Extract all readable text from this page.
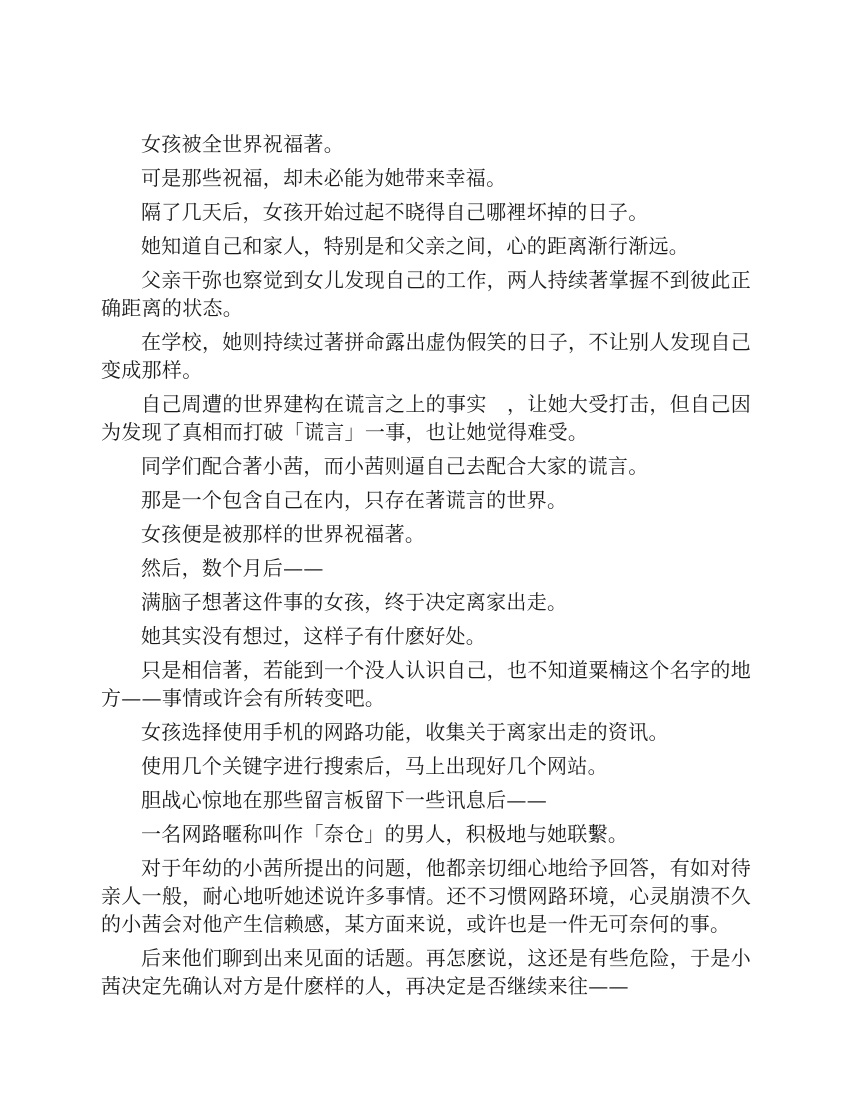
女孩被全世界祝福著。

可是那些祝福，却未必能为她带来幸福。

隔了几天后，女孩开始过起不晓得自己哪裡坏掉的日子。

她知道自己和家人，特别是和父亲之间，心的距离渐行渐远。

父亲干弥也察觉到女儿发现自己的工作，两人持续著掌握不到彼此正确距离的状态。

在学校，她则持续过著拼命露出虚伪假笑的日子，不让别人发现自己变成那样。

自己周遭的世界建构在谎言之上的事实　，让她大受打击，但自己因为发现了真相而打破「谎言」一事，也让她觉得难受。

同学们配合著小茜，而小茜则逼自己去配合大家的谎言。

那是一个包含自己在内，只存在著谎言的世界。

女孩便是被那样的世界祝福著。

然后，数个月后——

满脑子想著这件事的女孩，终于决定离家出走。

她其实没有想过，这样子有什麽好处。

只是相信著，若能到一个没人认识自己，也不知道粟楠这个名字的地方——事情或许会有所转变吧。

女孩选择使用手机的网路功能，收集关于离家出走的资讯。

使用几个关键字进行搜索后，马上出现好几个网站。

胆战心惊地在那些留言板留下一些讯息后——

一名网路暱称叫作「奈仓」的男人，积极地与她联繫。

对于年幼的小茜所提出的问题，他都亲切细心地给予回答，有如对待亲人一般，耐心地听她述说许多事情。还不习惯网路环境，心灵崩溃不久的小茜会对他产生信赖感，某方面来说，或许也是一件无可奈何的事。

后来他们聊到出来见面的话题。再怎麽说，这还是有些危险，于是小茜决定先确认对方是什麽样的人，再决定是否继续来往——
